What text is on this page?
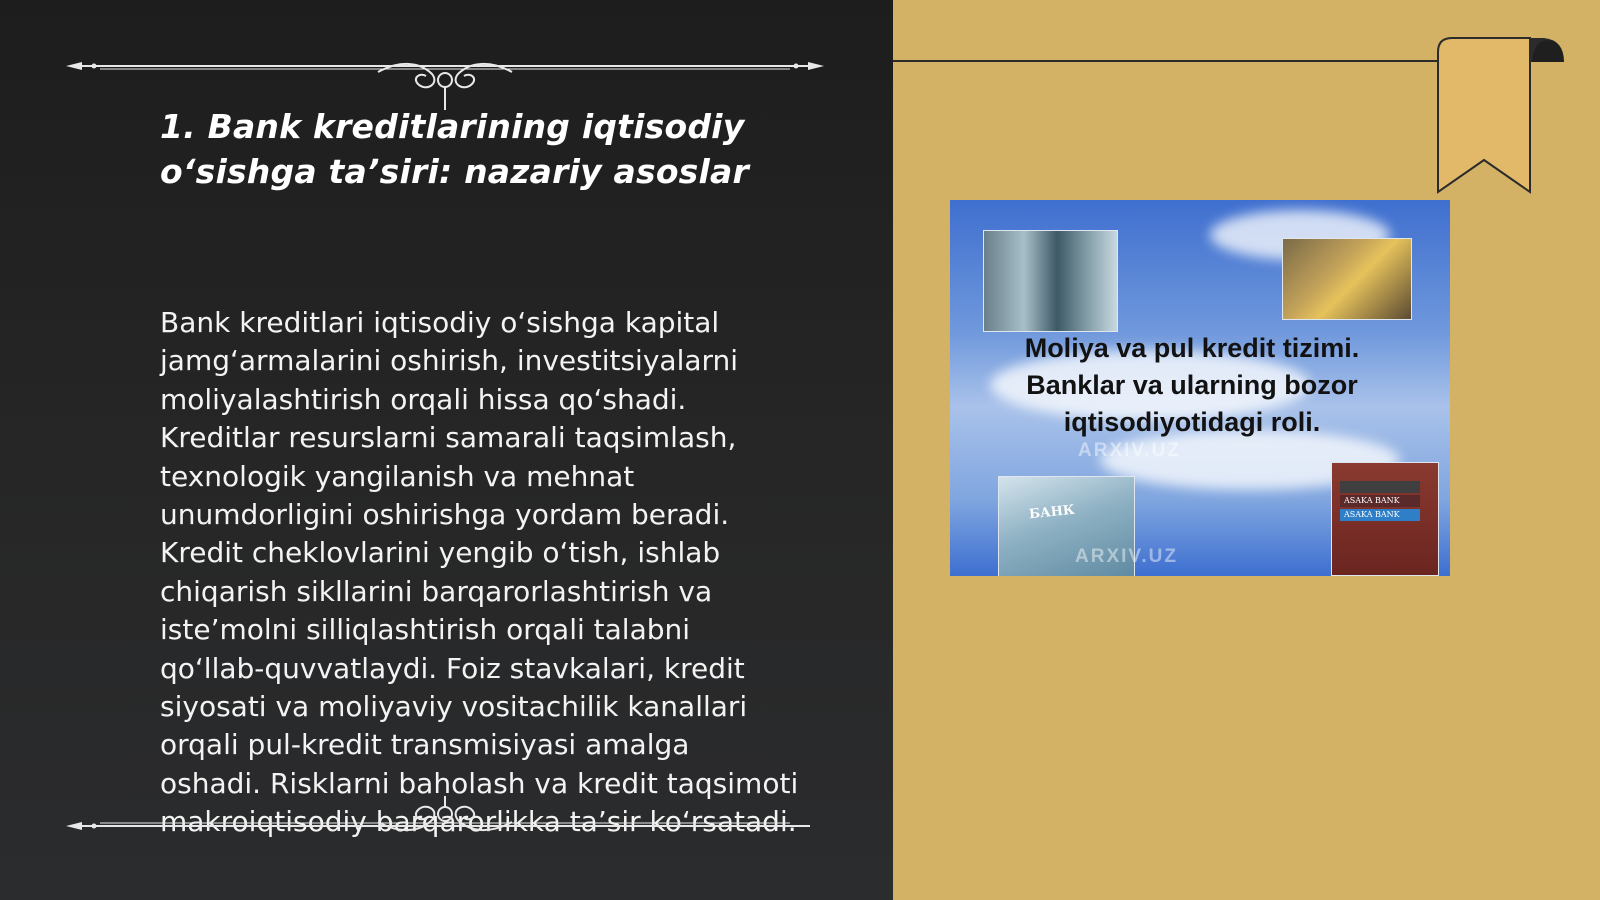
1. Bank kreditlarining iqtisodiy
o‘sishga ta’siri: nazariy asoslar

Bank kreditlari iqtisodiy o‘sishga kapital
jamg‘armalarini oshirish, investitsiyalarni
moliyalashtirish orqali hissa qo‘shadi.
Kreditlar resurslarni samarali taqsimlash,
texnologik yangilanish va mehnat
unumdorligini oshirishga yordam beradi.
Kredit cheklovlarini yengib o‘tish, ishlab
chiqarish sikllarini barqarorlashtirish va
iste’molni silliqlashtirish orqali talabni
qo‘llab-quvvatlaydi. Foiz stavkalari, kredit
siyosati va moliyaviy vositachilik kanallari
orqali pul-kredit transmisiyasi amalga
oshadi. Risklarni baholash va kredit taqsimoti
makroiqtisodiy barqarorlikka ta’sir ko‘rsatadi.

БАНК
ASAKA BANK
ASAKA BANK
ARXIV.UZ
ARXIV.UZ

Moliya va pul kredit tizimi.
Banklar va ularning bozor
iqtisodiyotidagi roli.
